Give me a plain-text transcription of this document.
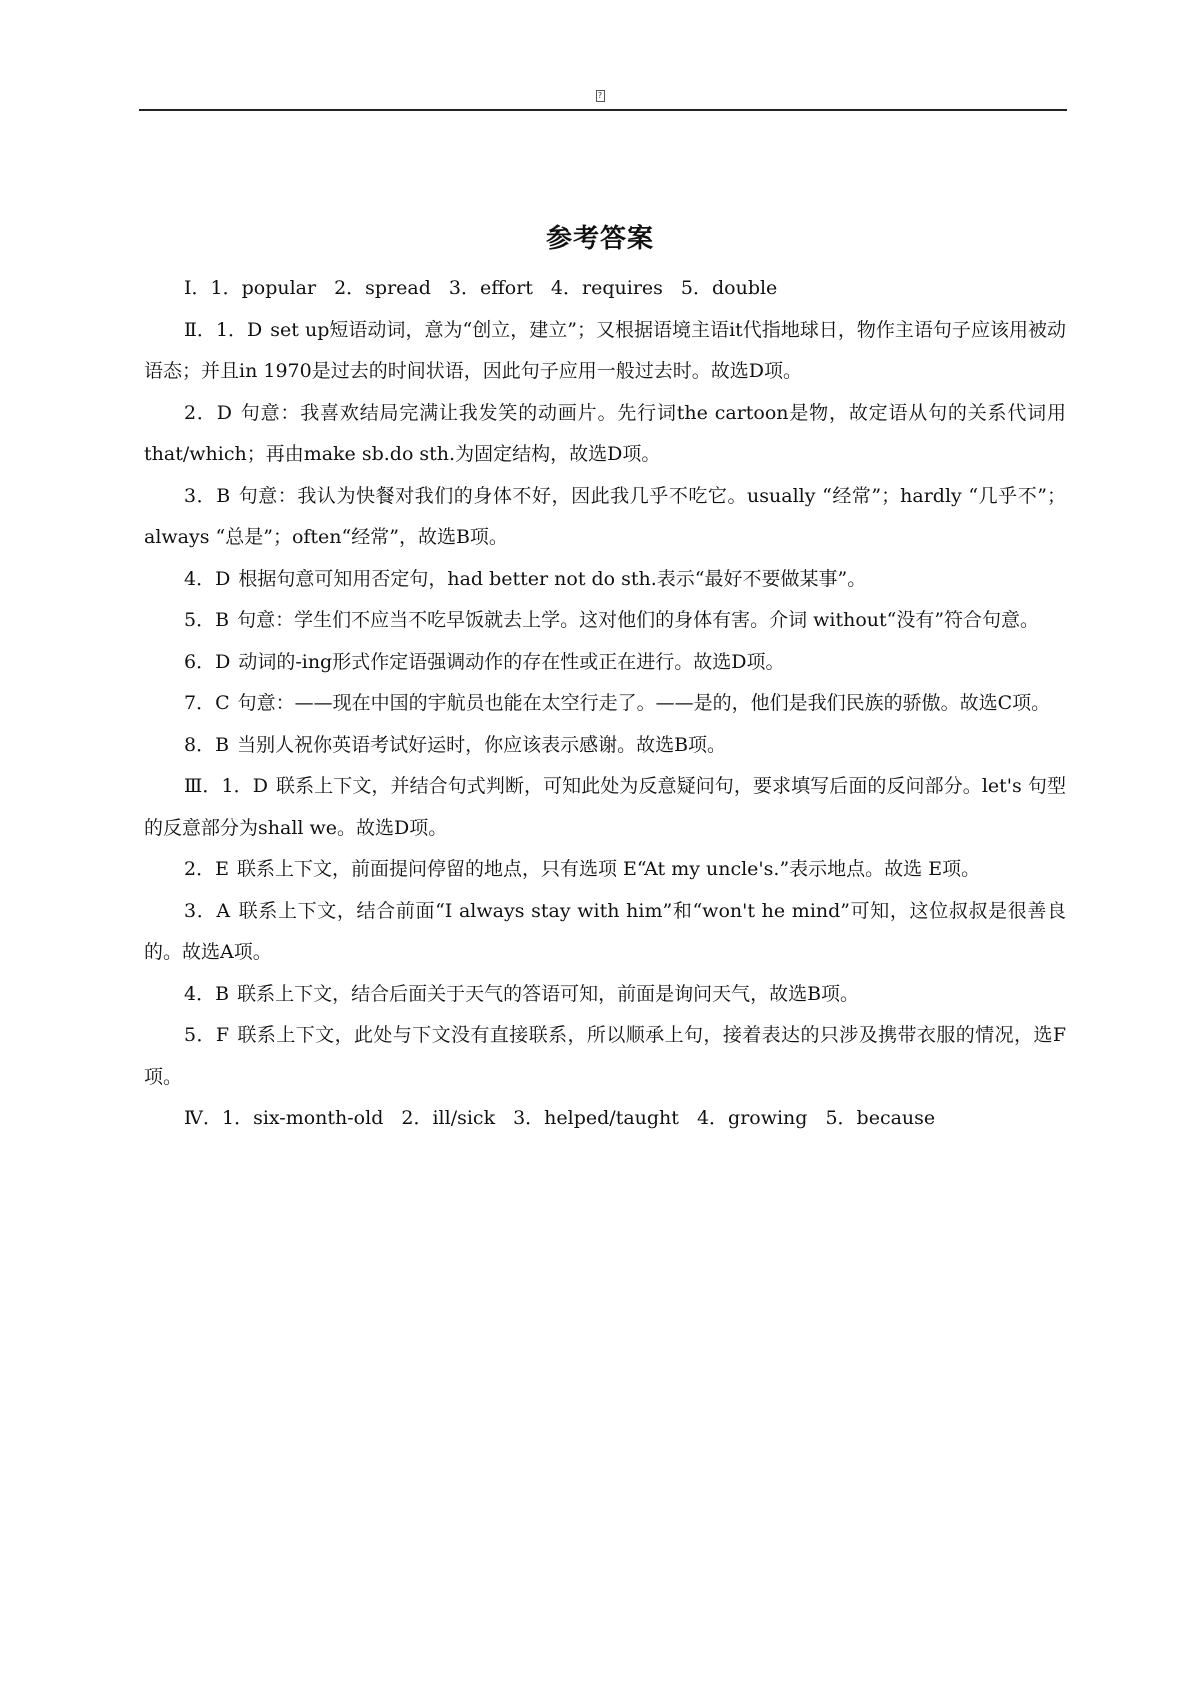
?
参考答案

Ⅰ．1．popular 2．spread 3．effort 4．requires 5．double

Ⅱ．1．D set up短语动词，意为“创立，建立”；又根据语境主语it代指地球日，物作主语句子应该用被动语态；并且in 1970是过去的时间状语，因此句子应用一般过去时。故选D项。

2．D 句意：我喜欢结局完满让我发笑的动画片。先行词the cartoon是物，故定语从句的关系代词用that/which；再由make sb.do sth.为固定结构，故选D项。

3．B 句意：我认为快餐对我们的身体不好，因此我几乎不吃它。usually “经常”；hardly “几乎不”；always “总是”；often“经常”，故选B项。

4．D 根据句意可知用否定句，had better not do sth.表示“最好不要做某事”。

5．B 句意：学生们不应当不吃早饭就去上学。这对他们的身体有害。介词 without“没有”符合句意。

6．D 动词的-ing形式作定语强调动作的存在性或正在进行。故选D项。

7．C 句意：——现在中国的宇航员也能在太空行走了。——是的，他们是我们民族的骄傲。故选C项。

8．B 当别人祝你英语考试好运时，你应该表示感谢。故选B项。

Ⅲ．1．D 联系上下文，并结合句式判断，可知此处为反意疑问句，要求填写后面的反问部分。let's 句型的反意部分为shall we。故选D项。

2．E 联系上下文，前面提问停留的地点，只有选项 E“At my uncle's.”表示地点。故选 E项。

3．A 联系上下文，结合前面“I always stay with him”和“won't he mind”可知，这位叔叔是很善良的。故选A项。

4．B 联系上下文，结合后面关于天气的答语可知，前面是询问天气，故选B项。

5．F 联系上下文，此处与下文没有直接联系，所以顺承上句，接着表达的只涉及携带衣服的情况，选F项。

Ⅳ．1．six-month-old 2．ill/sick 3．helped/taught 4．growing 5．because
